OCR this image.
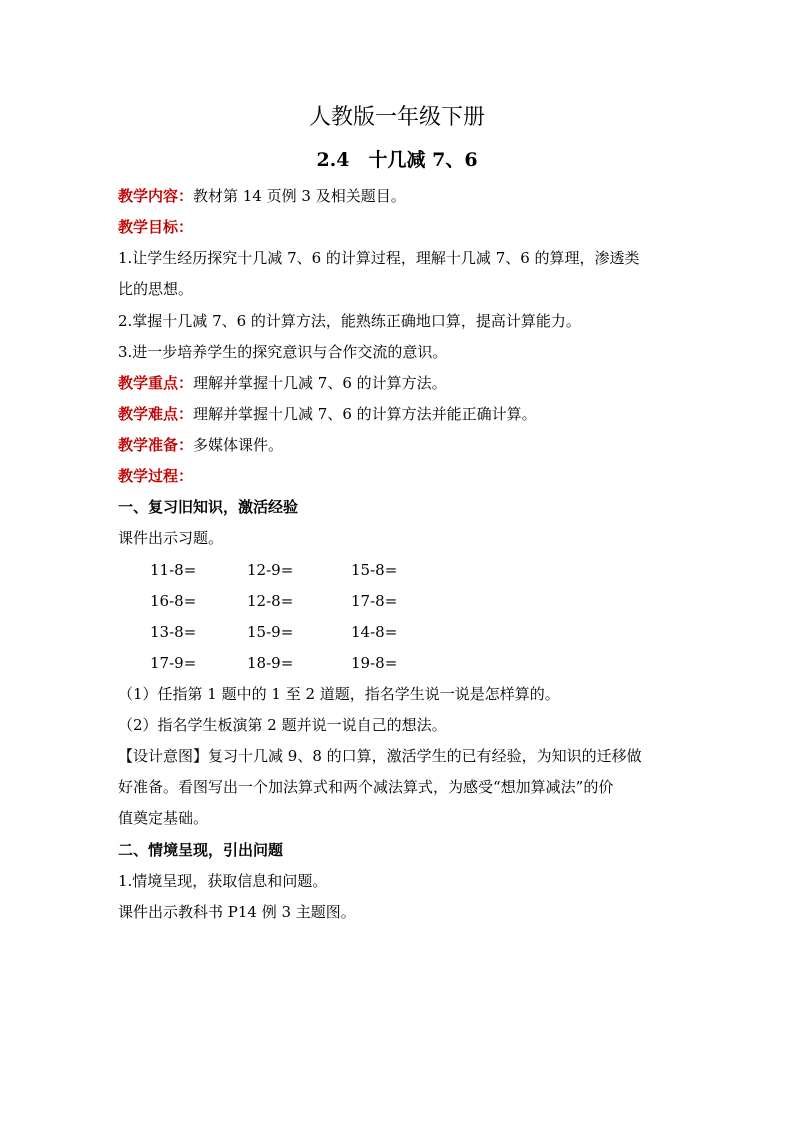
人教版一年级下册
2.4　十几减 7、6
教学内容：教材第 14 页例 3 及相关题目。
教学目标：
1.让学生经历探究十几减 7、6 的计算过程，理解十几减 7、6 的算理，渗透类
比的思想。
2.掌握十几减 7、6 的计算方法，能熟练正确地口算，提高计算能力。
3.进一步培养学生的探究意识与合作交流的意识。
教学重点：理解并掌握十几减 7、6 的计算方法。
教学难点：理解并掌握十几减 7、6 的计算方法并能正确计算。
教学准备：多媒体课件。
教学过程：
一、复习旧知识，激活经验
课件出示习题。
11-8=	12-9=	15-8=
16-8=	12-8=	17-8=
13-8=	15-9=	14-8=
17-9=	18-9=	19-8=
（1）任指第 1 题中的 1 至 2 道题，指名学生说一说是怎样算的。
（2）指名学生板演第 2 题并说一说自己的想法。
【设计意图】复习十几减 9、8 的口算，激活学生的已有经验，为知识的迁移做
好准备。看图写出一个加法算式和两个减法算式，为感受“想加算减法”的价
值奠定基础。
二、情境呈现，引出问题
1.情境呈现，获取信息和问题。
课件出示教科书 P14 例 3 主题图。
